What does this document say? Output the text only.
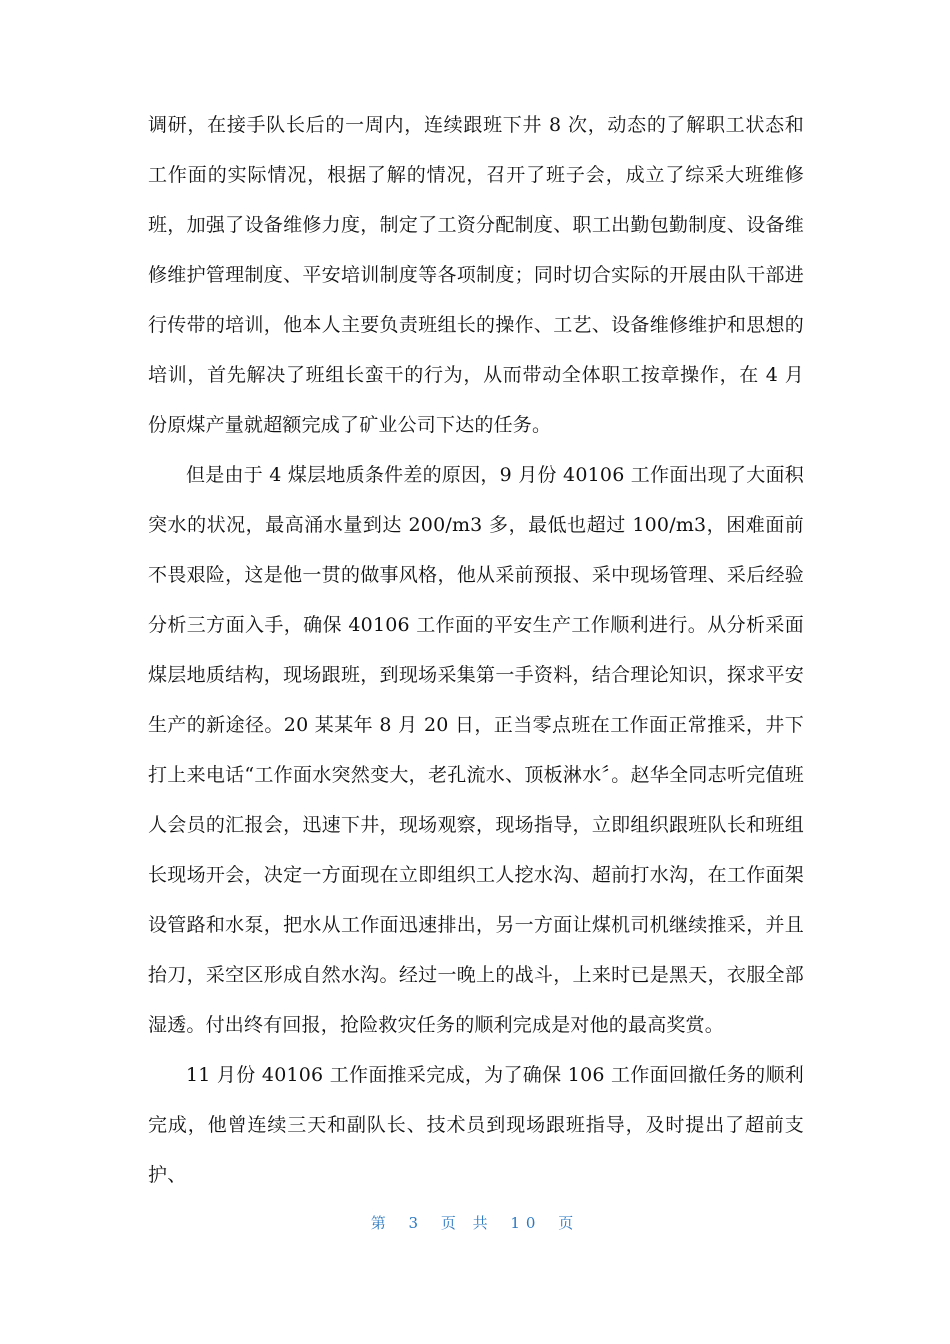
调研，在接手队长后的一周内，连续跟班下井 8 次，动态的了解职工状态和工作面的实际情况，根据了解的情况，召开了班子会，成立了综采大班维修班，加强了设备维修力度，制定了工资分配制度、职工出勤包勤制度、设备维修维护管理制度、平安培训制度等各项制度；同时切合实际的开展由队干部进行传带的培训，他本人主要负责班组长的操作、工艺、设备维修维护和思想的培训，首先解决了班组长蛮干的行为，从而带动全体职工按章操作，在 4 月份原煤产量就超额完成了矿业公司下达的任务。

但是由于 4 煤层地质条件差的原因，9 月份 40106 工作面出现了大面积突水的状况，最高涌水量到达 200/m3 多，最低也超过 100/m3，困难面前不畏艰险，这是他一贯的做事风格，他从采前预报、采中现场管理、采后经验分析三方面入手，确保 40106 工作面的平安生产工作顺利进行。从分析采面煤层地质结构，现场跟班，到现场采集第一手资料，结合理论知识，探求平安生产的新途径。20 某某年 8 月 20 日，正当零点班在工作面正常推采，井下打上来电话“工作面水突然变大，老孔流水、顶板淋水〞。赵华全同志听完值班人会员的汇报会，迅速下井，现场观察，现场指导，立即组织跟班队长和班组长现场开会，决定一方面现在立即组织工人挖水沟、超前打水沟，在工作面架设管路和水泵，把水从工作面迅速排出，另一方面让煤机司机继续推采，并且抬刀，采空区形成自然水沟。经过一晚上的战斗，上来时已是黑天，衣服全部湿透。付出终有回报，抢险救灾任务的顺利完成是对他的最高奖赏。

11 月份 40106 工作面推采完成，为了确保 106 工作面回撤任务的顺利完成，他曾连续三天和副队长、技术员到现场跟班指导，及时提出了超前支护、

第 3 页 共 10 页
